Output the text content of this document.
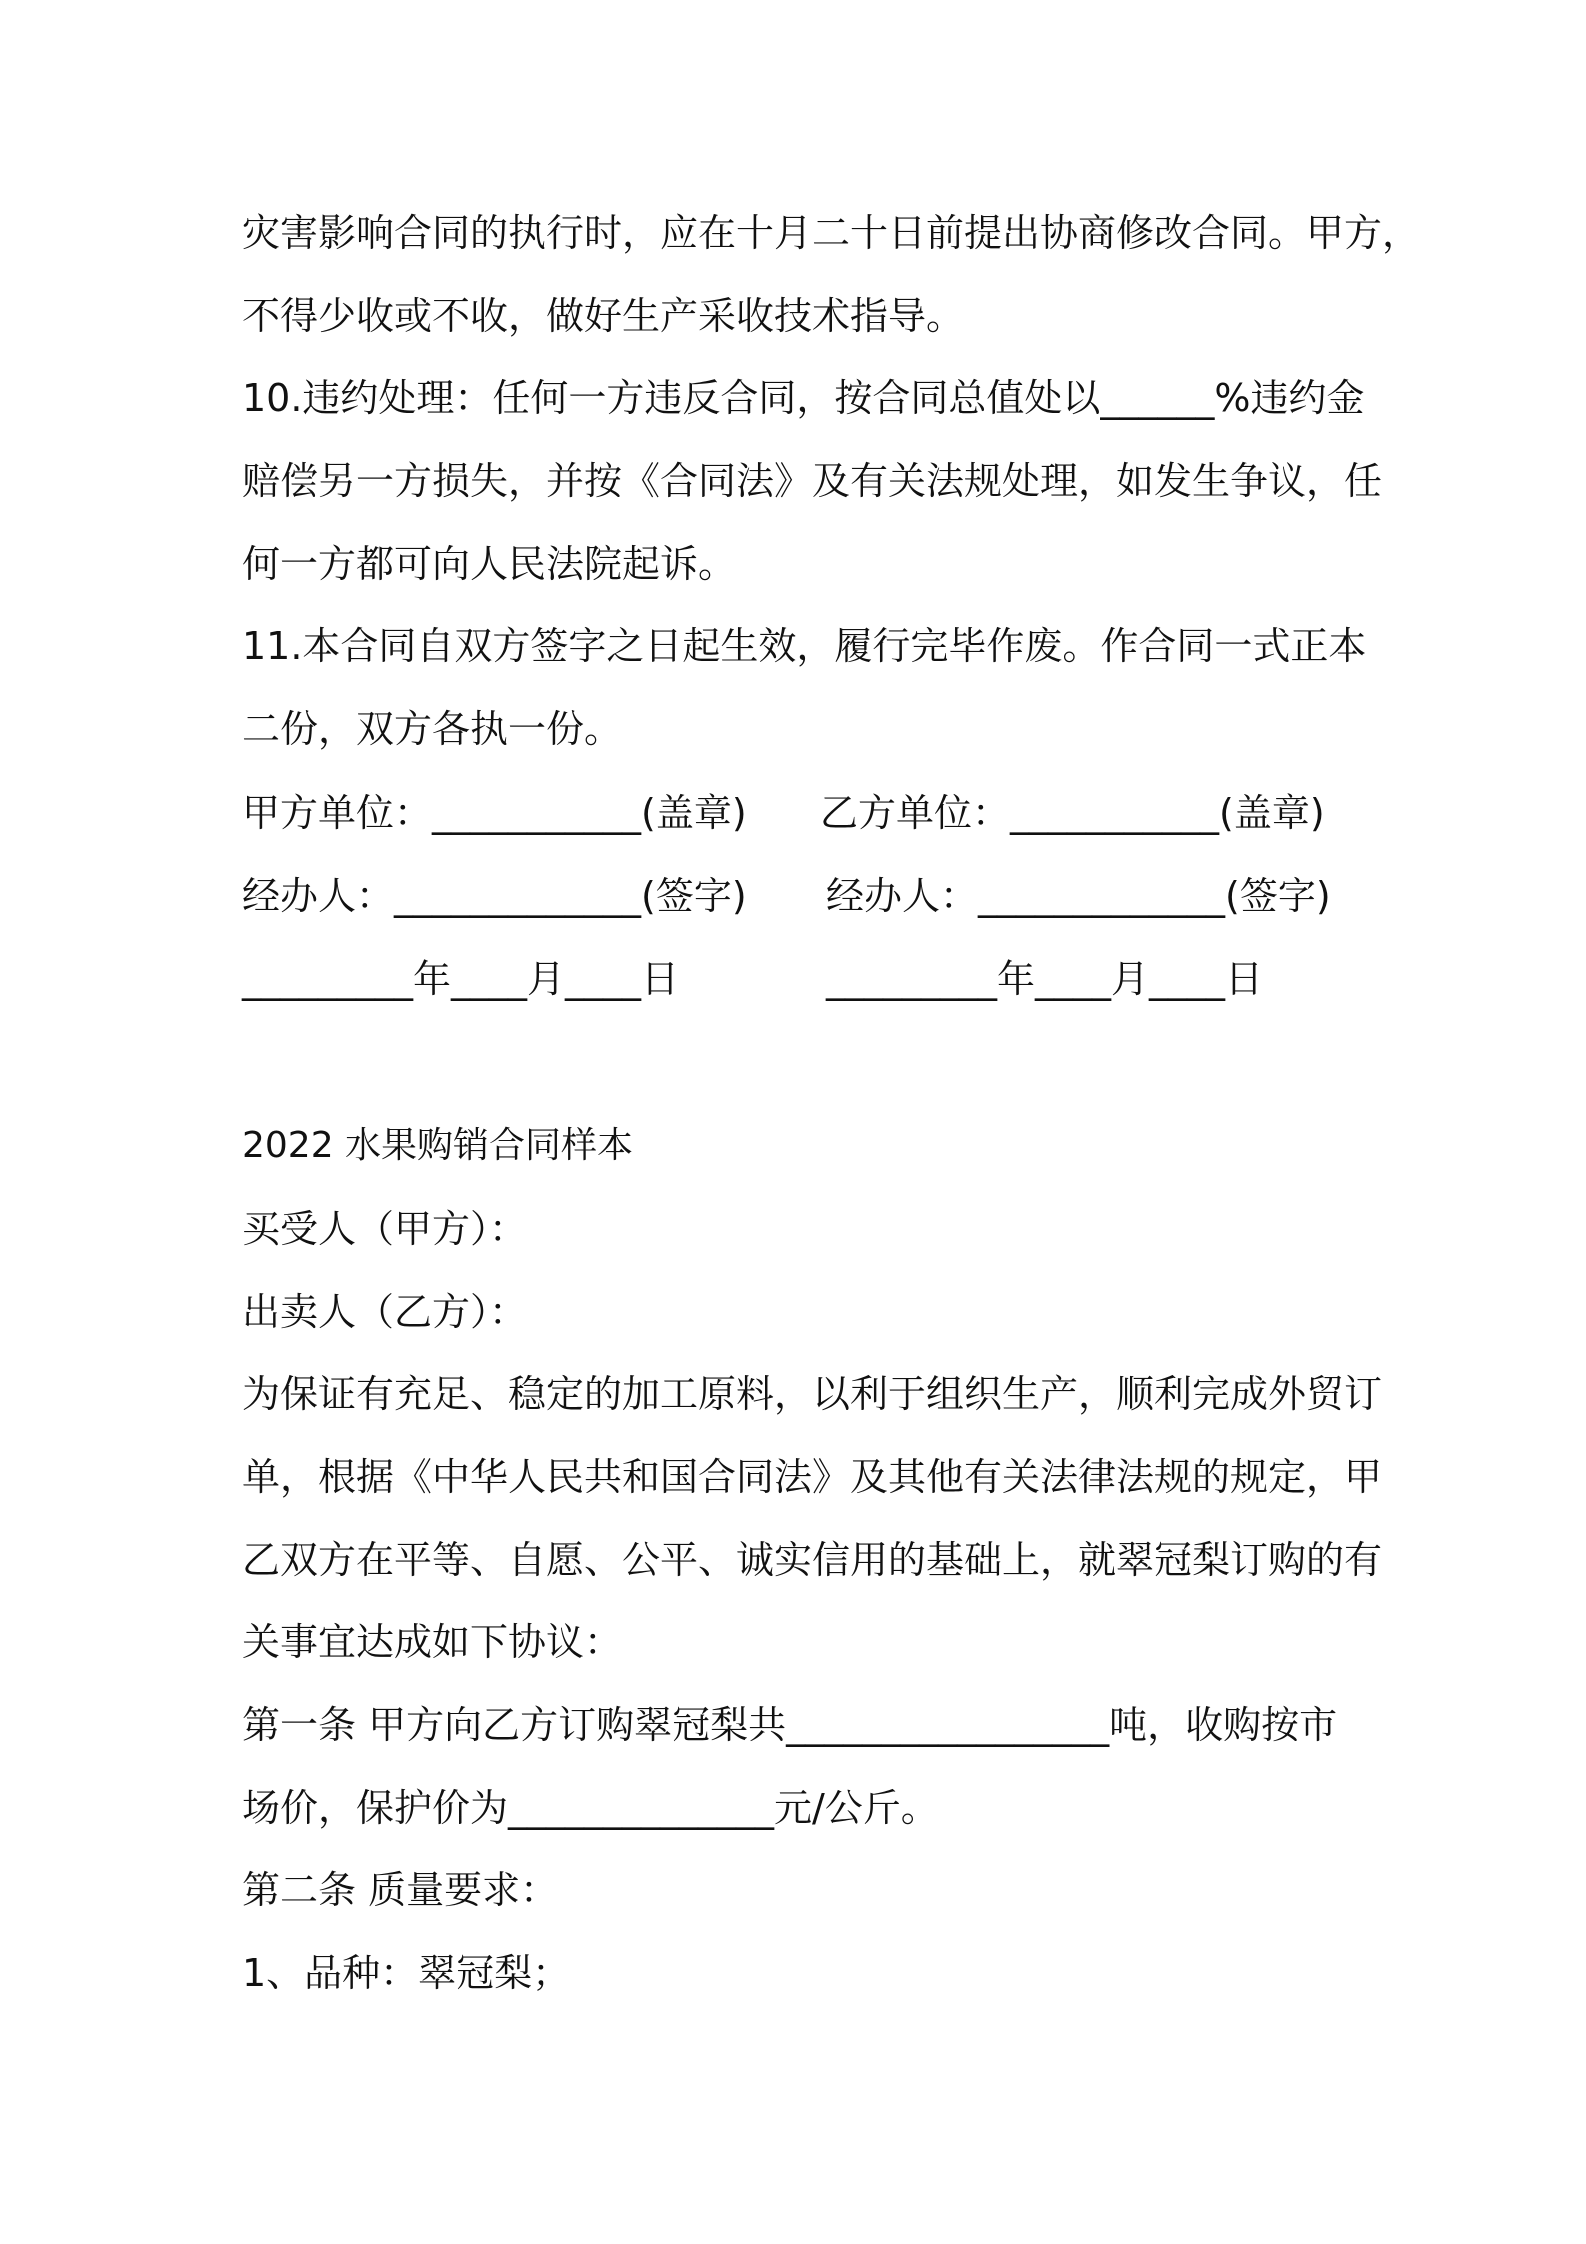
灾害影响合同的执行时，应在十月二十日前提出协商修改合同。甲方，
不得少收或不收，做好生产采收技术指导。
10.违约处理：任何一方违反合同，按合同总值处以______%违约金
赔偿另一方损失，并按《合同法》及有关法规处理，如发生争议，任
何一方都可向人民法院起诉。
11.本合同自双方签字之日起生效，履行完毕作废。作合同一式正本
二份，双方各执一份。
甲方单位：___________(盖章) 乙方单位：___________(盖章)
经办人：_____________(签字) 经办人：_____________(签字)
_________年____月____日	_________年____月____日
2022 水果购销合同样本
买受人（甲方）：
出卖人（乙方）：
为保证有充足、稳定的加工原料，以利于组织生产，顺利完成外贸订
单，根据《中华人民共和国合同法》及其他有关法律法规的规定，甲
乙双方在平等、自愿、公平、诚实信用的基础上，就翠冠梨订购的有
关事宜达成如下协议：
第一条 甲方向乙方订购翠冠梨共_________________吨，收购按市
场价，保护价为______________元/公斤。
第二条 质量要求：
1、品种：翠冠梨；
